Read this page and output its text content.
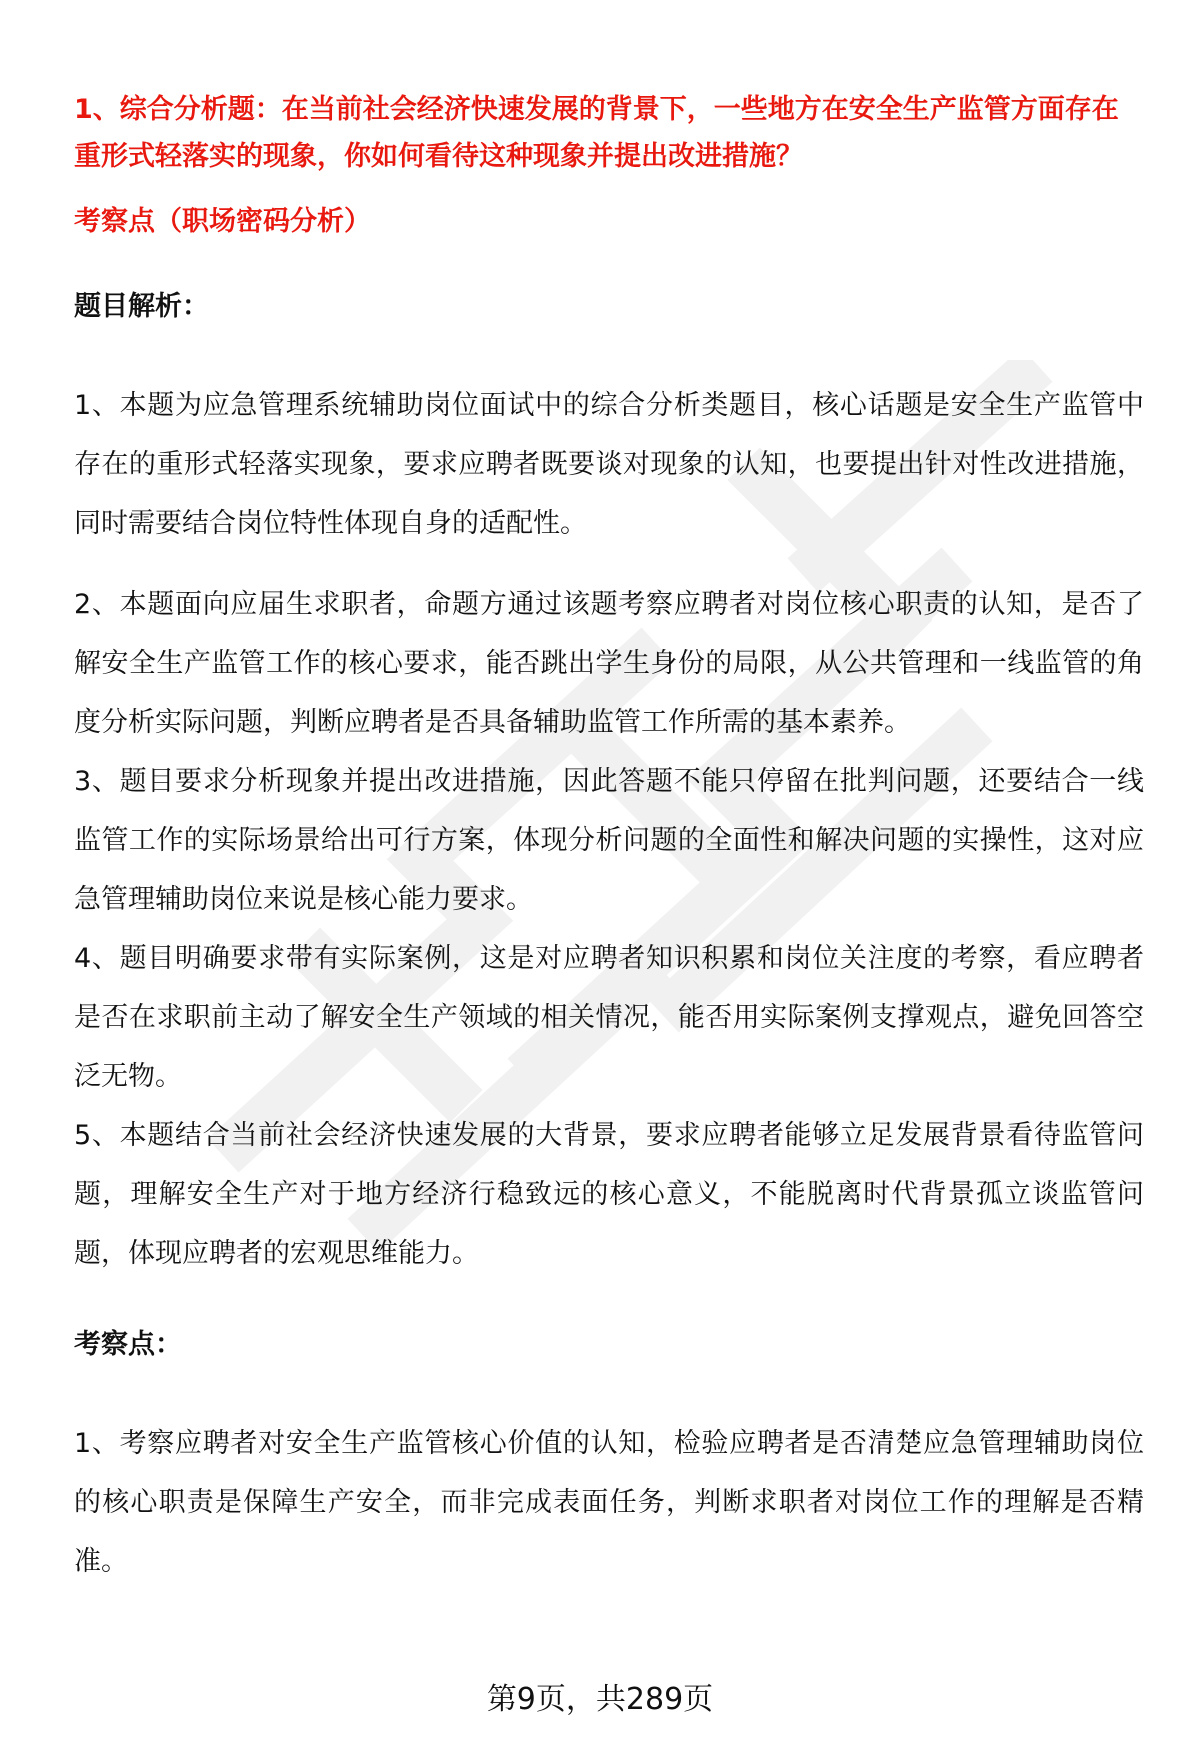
1、综合分析题：在当前社会经济快速发展的背景下，一些地方在安全生产监管方面存在重形式轻落实的现象，你如何看待这种现象并提出改进措施？

考察点（职场密码分析）

题目解析：

1、本题为应急管理系统辅助岗位面试中的综合分析类题目，核心话题是安全生产监管中存在的重形式轻落实现象，要求应聘者既要谈对现象的认知，也要提出针对性改进措施，同时需要结合岗位特性体现自身的适配性。

2、本题面向应届生求职者，命题方通过该题考察应聘者对岗位核心职责的认知，是否了解安全生产监管工作的核心要求，能否跳出学生身份的局限，从公共管理和一线监管的角度分析实际问题，判断应聘者是否具备辅助监管工作所需的基本素养。

3、题目要求分析现象并提出改进措施，因此答题不能只停留在批判问题，还要结合一线监管工作的实际场景给出可行方案，体现分析问题的全面性和解决问题的实操性，这对应急管理辅助岗位来说是核心能力要求。

4、题目明确要求带有实际案例，这是对应聘者知识积累和岗位关注度的考察，看应聘者是否在求职前主动了解安全生产领域的相关情况，能否用实际案例支撑观点，避免回答空泛无物。

5、本题结合当前社会经济快速发展的大背景，要求应聘者能够立足发展背景看待监管问题，理解安全生产对于地方经济行稳致远的核心意义，不能脱离时代背景孤立谈监管问题，体现应聘者的宏观思维能力。

考察点：

1、考察应聘者对安全生产监管核心价值的认知，检验应聘者是否清楚应急管理辅助岗位的核心职责是保障生产安全，而非完成表面任务，判断求职者对岗位工作的理解是否精准。

第9页，共289页
